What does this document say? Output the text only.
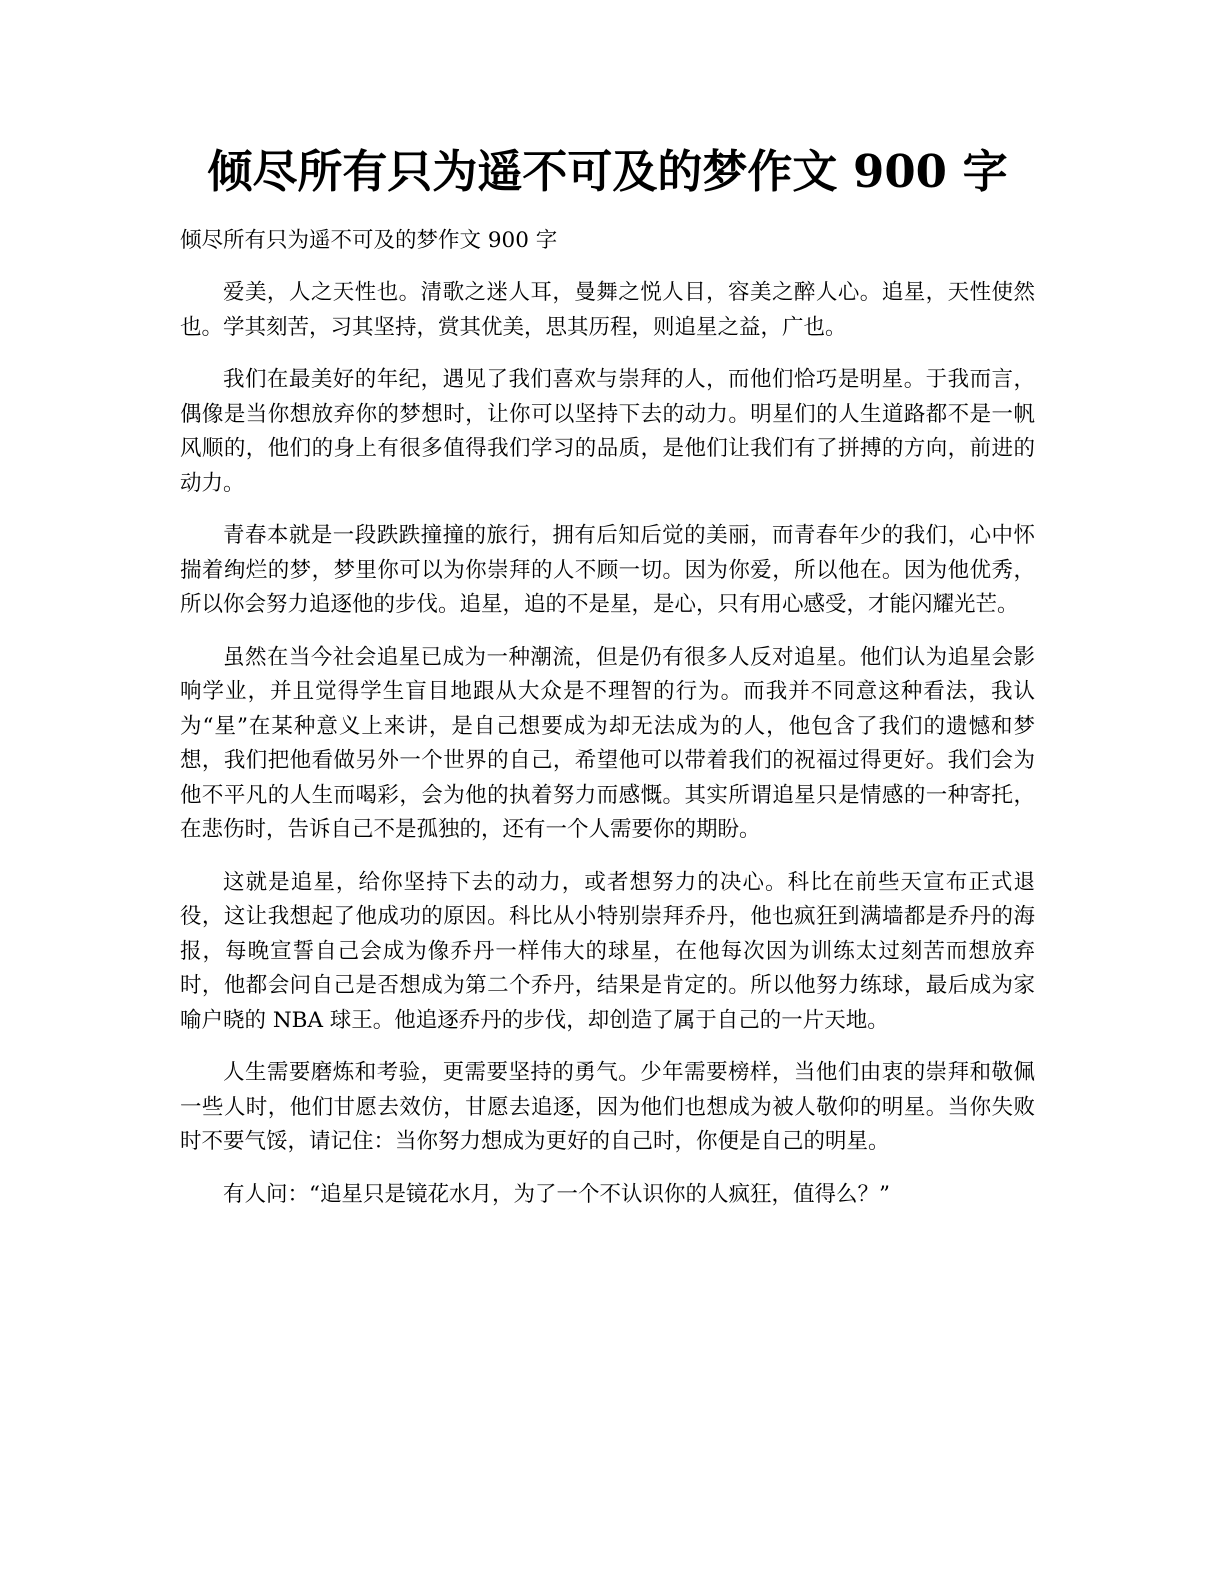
倾尽所有只为遥不可及的梦作文 900 字

倾尽所有只为遥不可及的梦作文 900 字

爱美，人之天性也。清歌之迷人耳，曼舞之悦人目，容美之醉人心。追星，天性使然也。学其刻苦，习其坚持，赏其优美，思其历程，则追星之益，广也。

我们在最美好的年纪，遇见了我们喜欢与崇拜的人，而他们恰巧是明星。于我而言，偶像是当你想放弃你的梦想时，让你可以坚持下去的动力。明星们的人生道路都不是一帆风顺的，他们的身上有很多值得我们学习的品质，是他们让我们有了拼搏的方向，前进的动力。

青春本就是一段跌跌撞撞的旅行，拥有后知后觉的美丽，而青春年少的我们，心中怀揣着绚烂的梦，梦里你可以为你崇拜的人不顾一切。因为你爱，所以他在。因为他优秀，所以你会努力追逐他的步伐。追星，追的不是星，是心，只有用心感受，才能闪耀光芒。

虽然在当今社会追星已成为一种潮流，但是仍有很多人反对追星。他们认为追星会影响学业，并且觉得学生盲目地跟从大众是不理智的行为。而我并不同意这种看法，我认为“星”在某种意义上来讲，是自己想要成为却无法成为的人，他包含了我们的遗憾和梦想，我们把他看做另外一个世界的自己，希望他可以带着我们的祝福过得更好。我们会为他不平凡的人生而喝彩，会为他的执着努力而感慨。其实所谓追星只是情感的一种寄托，在悲伤时，告诉自己不是孤独的，还有一个人需要你的期盼。

这就是追星，给你坚持下去的动力，或者想努力的决心。科比在前些天宣布正式退役，这让我想起了他成功的原因。科比从小特别崇拜乔丹，他也疯狂到满墙都是乔丹的海报，每晚宣誓自己会成为像乔丹一样伟大的球星，在他每次因为训练太过刻苦而想放弃时，他都会问自己是否想成为第二个乔丹，结果是肯定的。所以他努力练球，最后成为家喻户晓的 NBA 球王。他追逐乔丹的步伐，却创造了属于自己的一片天地。

人生需要磨炼和考验，更需要坚持的勇气。少年需要榜样，当他们由衷的崇拜和敬佩一些人时，他们甘愿去效仿，甘愿去追逐，因为他们也想成为被人敬仰的明星。当你失败时不要气馁，请记住：当你努力想成为更好的自己时，你便是自己的明星。

有人问：“追星只是镜花水月，为了一个不认识你的人疯狂，值得么？”
